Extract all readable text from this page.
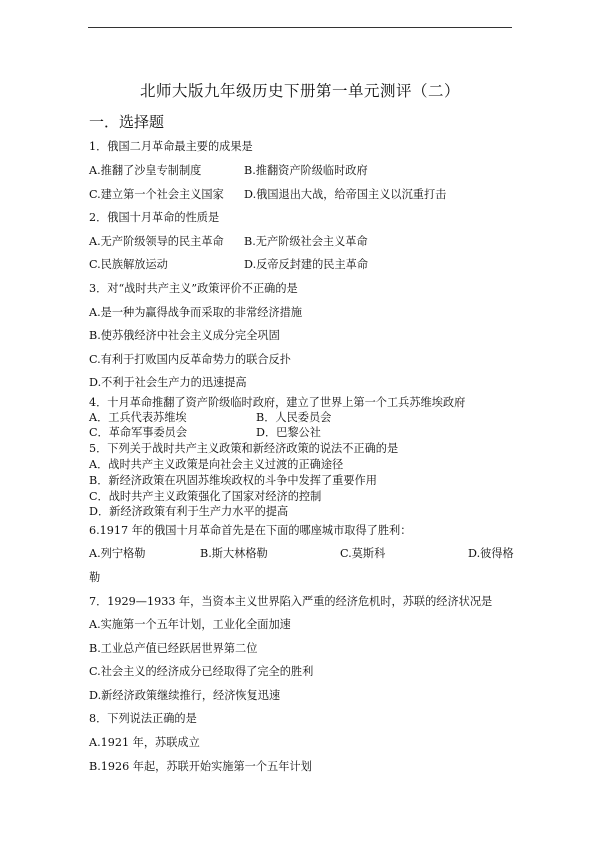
北师大版九年级历史下册第一单元测评（二）
一．选择题
1．俄国二月革命最主要的成果是
A.推翻了沙皇专制制度	B.推翻资产阶级临时政府
C.建立第一个社会主义国家 D.俄国退出大战，给帝国主义以沉重打击
2．俄国十月革命的性质是
A.无产阶级领导的民主革命 B.无产阶级社会主义革命
C.民族解放运动	D.反帝反封建的民主革命
3．对“战时共产主义”政策评价不正确的是
A.是一种为赢得战争而采取的非常经济措施
B.使苏俄经济中社会主义成分完全巩固
C.有利于打败国内反革命势力的联合反扑
D.不利于社会生产力的迅速提高
4．十月革命推翻了资产阶级临时政府，建立了世界上第一个工兵苏维埃政府
A．工兵代表苏维埃	B．人民委员会
C．革命军事委员会	D．巴黎公社
5．下列关于战时共产主义政策和新经济政策的说法不正确的是
A．战时共产主义政策是向社会主义过渡的正确途径
B．新经济政策在巩固苏维埃政权的斗争中发挥了重要作用
C．战时共产主义政策强化了国家对经济的控制
D．新经济政策有利于生产力水平的提高
6.1917 年的俄国十月革命首先是在下面的哪座城市取得了胜利：
A.列宁格勒	B.斯大林格勒	C.莫斯科	D.彼得格
勒
7．1929—1933 年，当资本主义世界陷入严重的经济危机时，苏联的经济状况是
A.实施第一个五年计划，工业化全面加速
B.工业总产值已经跃居世界第二位
C.社会主义的经济成分已经取得了完全的胜利
D.新经济政策继续推行，经济恢复迅速
8．下列说法正确的是
A.1921 年，苏联成立
B.1926 年起，苏联开始实施第一个五年计划
